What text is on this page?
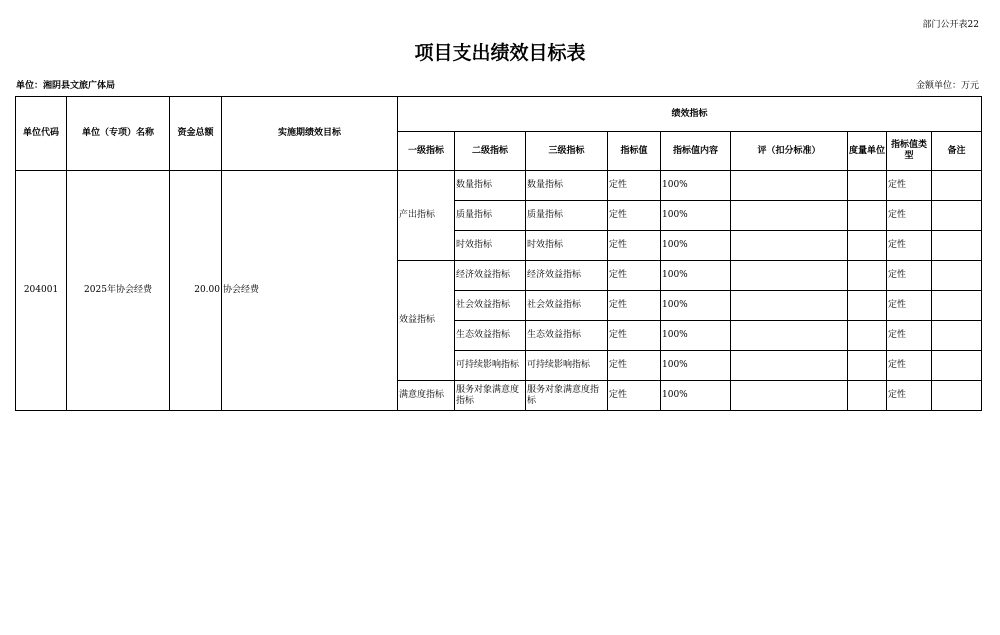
部门公开表22
项目支出绩效目标表
单位：湘阴县文旅广体局	金额单位：万元
单位代码	单位（专项）名称	资金总额	实施期绩效目标	绩效指标								
				一级指标	二级指标	三级指标	指标值	指标值内容	评（扣分标准）	度量单位	指标值类型	备注
204001	2025年协会经费	20.00	协会经费	产出指标	数量指标	数量指标	定性	100%			定性	
					质量指标	质量指标	定性	100%			定性	
					时效指标	时效指标	定性	100%			定性	
				效益指标	经济效益指标	经济效益指标	定性	100%			定性	
					社会效益指标	社会效益指标	定性	100%			定性	
					生态效益指标	生态效益指标	定性	100%			定性	
					可持续影响指标	可持续影响指标	定性	100%			定性	
				满意度指标	服务对象满意度指标	服务对象满意度指标	定性	100%			定性	
